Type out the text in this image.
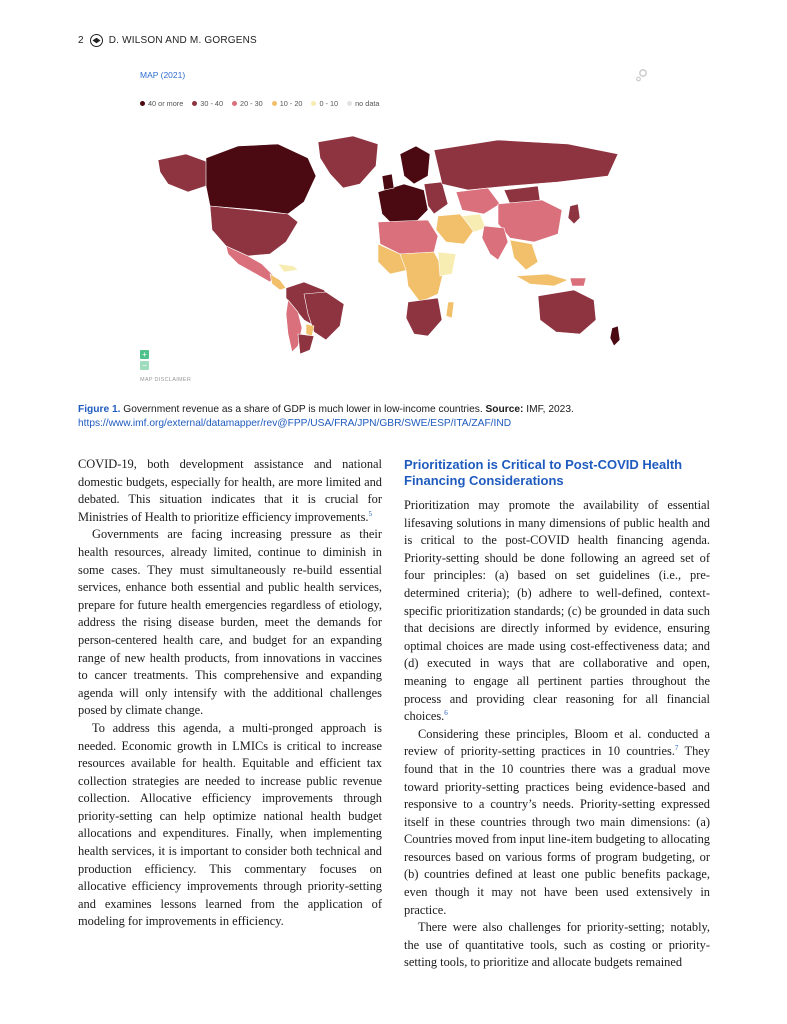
2	D. WILSON AND M. GORGENS
MAP (2021)
40 or more 30 - 40 20 - 30 10 - 20 0 - 10 no data
+
−
MAP DISCLAIMER
Figure 1. Government revenue as a share of GDP is much lower in low-income countries. Source: IMF, 2023. https://www.imf.org/external/datamapper/rev@FPP/USA/FRA/JPN/GBR/SWE/ESP/ITA/ZAF/IND

COVID-19, both development assistance and national domestic budgets, especially for health, are more limited and debated. This situation indicates that it is crucial for Ministries of Health to prioritize efficiency improvements.$^5$

Governments are facing increasing pressure as their health resources, already limited, continue to diminish in some cases. They must simultaneously re-build essential services, enhance both essential and public health services, prepare for future health emergencies regardless of etiology, address the rising disease burden, meet the demands for person-centered health care, and budget for an expanding range of new health products, from innovations in vaccines to cancer treatments. This comprehensive and expanding agenda will only intensify with the additional challenges posed by climate change.

To address this agenda, a multi-pronged approach is needed. Economic growth in LMICs is critical to increase resources available for health. Equitable and efficient tax collection strategies are needed to increase public revenue collection. Allocative efficiency improvements through priority-setting can help optimize national health budget allocations and expenditures. Finally, when implementing health services, it is important to consider both technical and production efficiency. This commentary focuses on allocative efficiency improvements through priority-setting and examines lessons learned from the application of modeling for improvements in efficiency.

Prioritization is Critical to Post-COVID Health Financing Considerations

Prioritization may promote the availability of essential lifesaving solutions in many dimensions of public health and is critical to the post-COVID health financing agenda. Priority-setting should be done following an agreed set of four principles: (a) based on set guidelines (i.e., pre-determined criteria); (b) adhere to well-defined, context-specific prioritization standards; (c) be grounded in data such that decisions are directly informed by evidence, ensuring optimal choices are made using cost-effectiveness data; and (d) executed in ways that are collaborative and open, meaning to engage all pertinent parties throughout the process and providing clear reasoning for all financial choices.$^6$

Considering these principles, Bloom et al. conducted a review of priority-setting practices in 10 countries.$^7$ They found that in the 10 countries there was a gradual move toward priority-setting practices being evidence-based and responsive to a country’s needs. Priority-setting expressed itself in these countries through two main dimensions: (a) Countries moved from input line-item budgeting to allocating resources based on various forms of program budgeting, or (b) countries defined at least one public benefits package, even though it may not have been used extensively in practice.

There were also challenges for priority-setting; notably, the use of quantitative tools, such as costing or priority-setting tools, to prioritize and allocate budgets remained
